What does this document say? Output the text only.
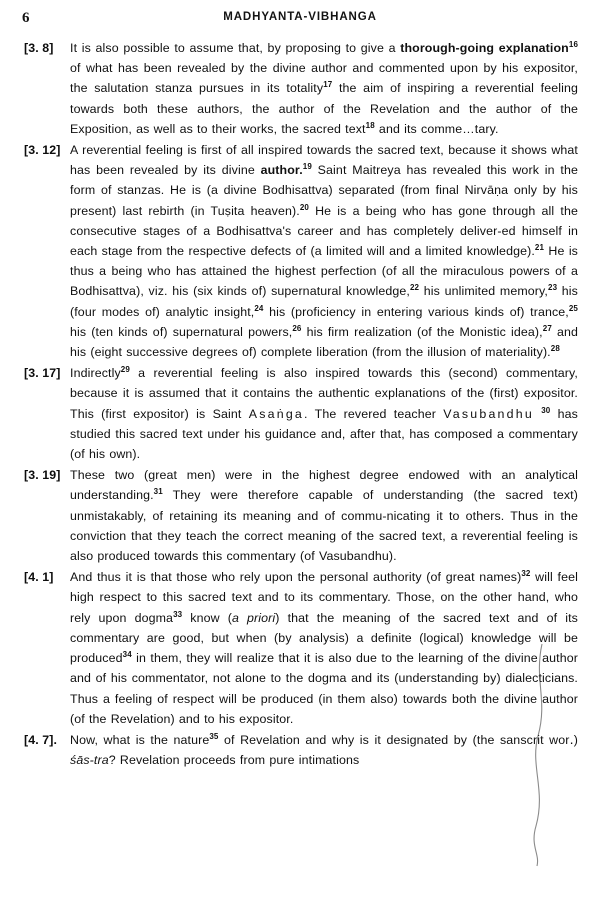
6	MADHYANTA-VIBHANGA
[3. 8]	It is also possible to assume that, by proposing to give a thorough-going explanation$^{16}$ of what has been revealed by the divine author and commented upon by his expositor, the salutation stanza pursues in its totality$^{17}$ the aim of inspiring a reverential feeling towards both these authors, the author of the Revelation and the author of the Exposition, as well as to their works, the sacred text$^{18}$ and its comme…tary.
[3. 12] A reverential feeling is first of all inspired towards the sacred text, because it shows what has been revealed by its divine author.$^{19}$ Saint Maitreya has revealed this work in the form of stanzas. He is (a divine Bodhisattva) separated (from final Nirvāṇa only by his present) last rebirth (in Tuṣita heaven).$^{20}$ He is a being who has gone through all the consecutive stages of a Bodhisattva's career and has completely deliver-ed himself in each stage from the respective defects of (a limited will and a limited knowledge).$^{21}$ He is thus a being who has attained the highest perfection (of all the miraculous powers of a Bodhisattva), viz. his (six kinds of) supernatural knowledge,$^{22}$ his unlimited memory,$^{23}$ his (four modes of) analytic insight,$^{24}$ his (proficiency in entering various kinds of) trance,$^{25}$ his (ten kinds of) supernatural powers,$^{26}$ his firm realization (of the Monistic idea),$^{27}$ and his (eight successive degrees of) complete liberation (from the illusion of materiality).$^{28}$
[3. 17] Indirectly$^{29}$ a reverential feeling is also inspired towards this (second) commentary, because it is assumed that it contains the authentic explanations of the (first) expositor. This (first expositor) is Saint Asaṅga. The revered teacher Vasubandhu $^{30}$ has studied this sacred text under his guidance and, after that, has composed a commentary (of his own).
[3. 19] These two (great men) were in the highest degree endowed with an analytical understanding.$^{31}$ They were therefore capable of understanding (the sacred text) unmistakably, of retaining its meaning and of commu-nicating it to others. Thus in the conviction that they teach the correct meaning of the sacred text, a reverential feeling is also produced towards this commentary (of Vasubandhu).
[4. 1]	And thus it is that those who rely upon the personal authority (of great names)$^{32}$ will feel high respect to this sacred text and to its commentary. Those, on the other hand, who rely upon dogma$^{33}$ know (a priori) that the meaning of the sacred text and of its commentary are good, but when (by analysis) a definite (logical) knowledge will be produced$^{34}$ in them, they will realize that it is also due to the learning of the divine author and of his commentator, not alone to the dogma and its (understanding by) dialecticians. Thus a feeling of respect will be produced (in them also) towards both the divine author (of the Revelation) and to his expositor.
[4. 7].	Now, what is the nature$^{35}$ of Revelation and why is it designated by (the sanscrit wor․) śās-tra? Revelation proceeds from pure intimations
